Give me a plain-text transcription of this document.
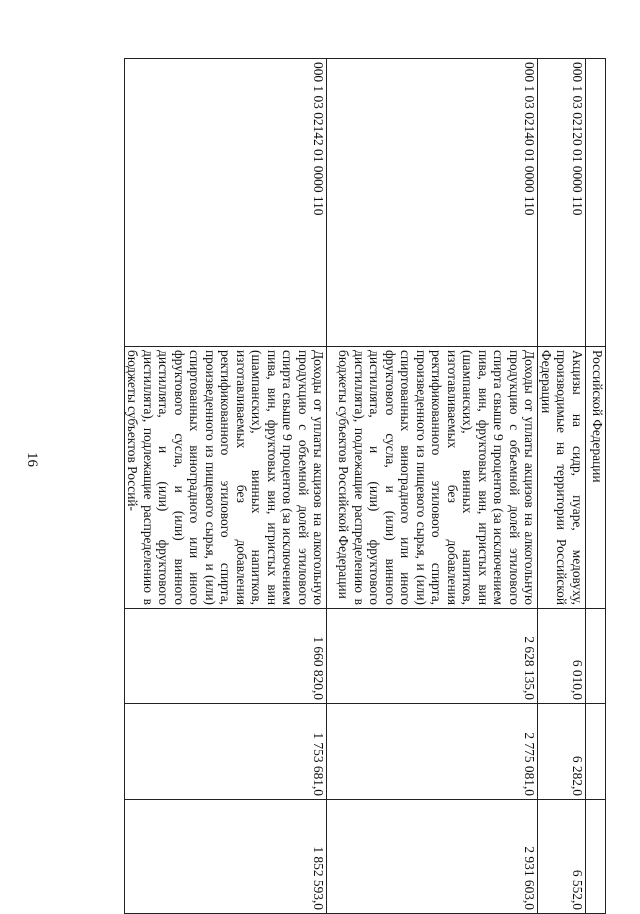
16
		Российской Федерации			
000 1 03 02120 01 0000 110	Акцизы на сидр, пуаре, медовуху, производимые на территории Российской Федерации	6 010,0	6 282,0	6 552,0
000 1 03 02140 01 0000 110	Доходы от уплаты акцизов на алкогольную продукцию с объемной долей этилового спирта свыше 9 процентов (за исключением пива, вин, фруктовых вин, игристых вин (шампанских), винных напитков, изготавливаемых без добавления ректификованного этилового спирта, произведенного из пищевого сырья, и (или) спиртованных виноградного или иного фруктового сусла, и (или) винного дистиллята, и (или) фруктового дистиллята), подлежащие распределению в бюджеты субъектов Российской Федерации	2 628 135,0	2 775 081,0	2 931 603,0
000 1 03 02142 01 0000 110	Доходы от уплаты акцизов на алкогольную продукцию с объемной долей этилового спирта свыше 9 процентов (за исключением пива, вин, фруктовых вин, игристых вин (шампанских), винных напитков, изготавливаемых без добавления ректификованного этилового спирта, произведенного из пищевого сырья, и (или) спиртованных виноградного или иного фруктового сусла, и (или) винного дистиллята, и (или) фруктового дистиллята), подлежащие распределению в бюджеты субъектов Россий-	1 660 820,0	1 753 681,0	1 852 593,0
